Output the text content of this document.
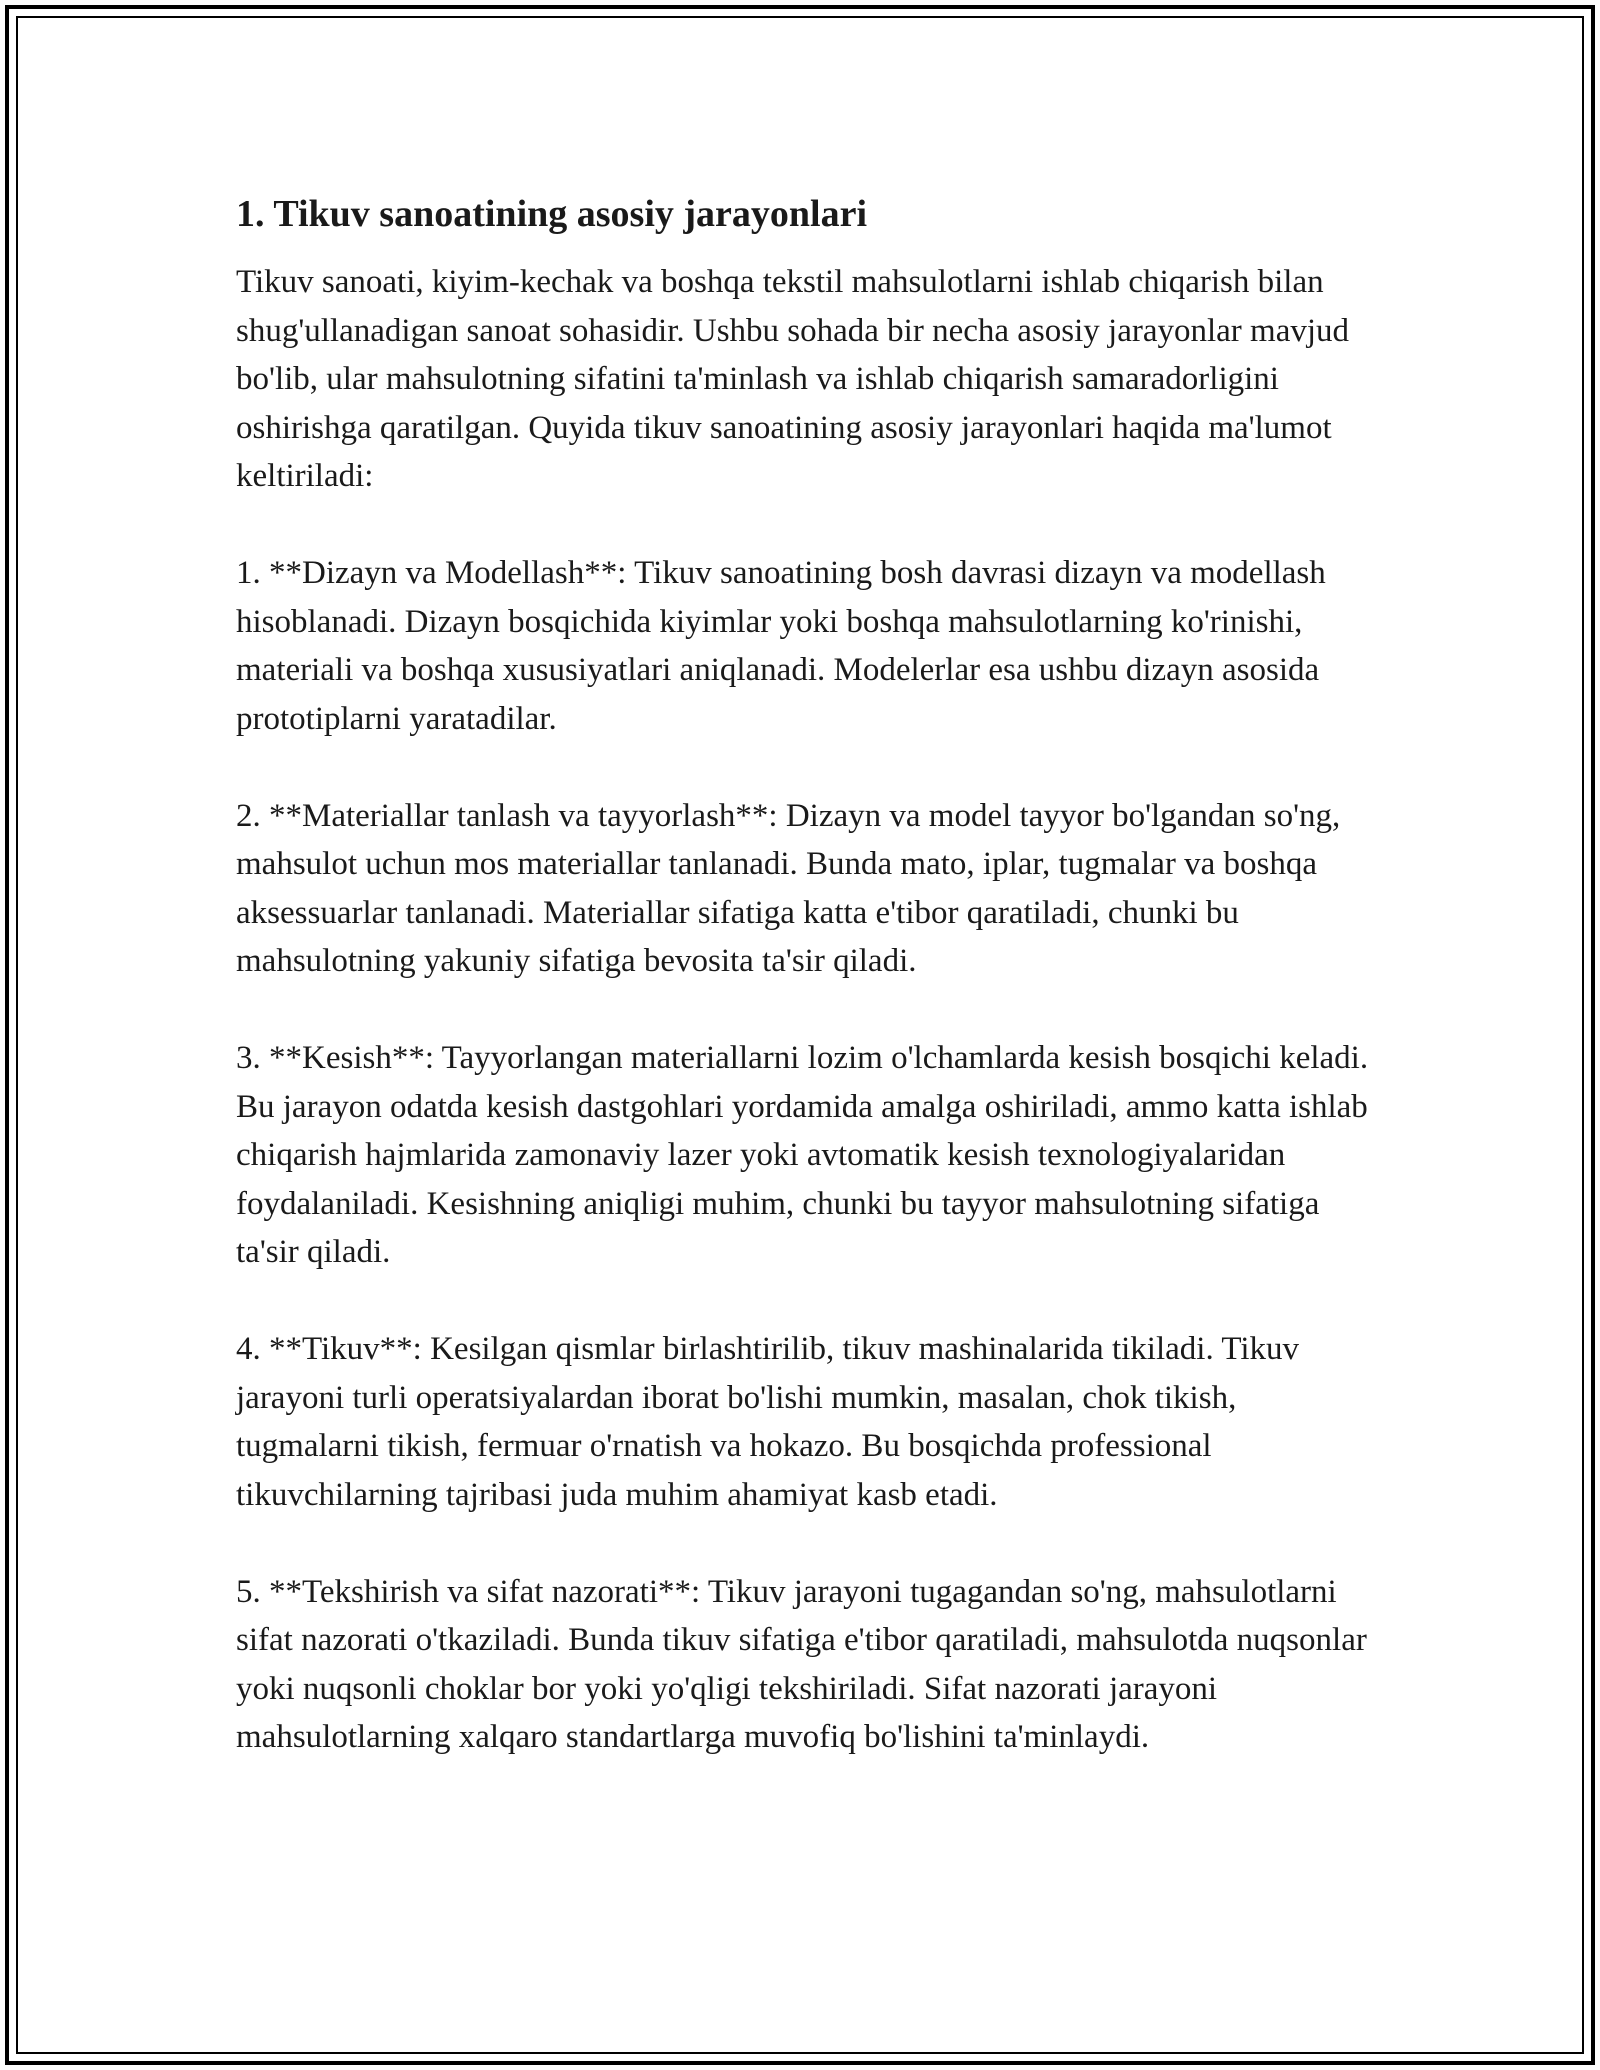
1. Tikuv sanoatining asosiy jarayonlari

Tikuv sanoati, kiyim-kechak va boshqa tekstil mahsulotlarni ishlab chiqarish bilan shug'ullanadigan sanoat sohasidir. Ushbu sohada bir necha asosiy jarayonlar mavjud bo'lib, ular mahsulotning sifatini ta'minlash va ishlab chiqarish samaradorligini oshirishga qaratilgan. Quyida tikuv sanoatining asosiy jarayonlari haqida ma'lumot keltiriladi:

1. **Dizayn va Modellash**: Tikuv sanoatining bosh davrasi dizayn va modellash hisoblanadi. Dizayn bosqichida kiyimlar yoki boshqa mahsulotlarning ko'rinishi, materiali va boshqa xususiyatlari aniqlanadi. Modelerlar esa ushbu dizayn asosida prototiplarni yaratadilar.

2. **Materiallar tanlash va tayyorlash**: Dizayn va model tayyor bo'lgandan so'ng, mahsulot uchun mos materiallar tanlanadi. Bunda mato, iplar, tugmalar va boshqa aksessuarlar tanlanadi. Materiallar sifatiga katta e'tibor qaratiladi, chunki bu mahsulotning yakuniy sifatiga bevosita ta'sir qiladi.

3. **Kesish**: Tayyorlangan materiallarni lozim o'lchamlarda kesish bosqichi keladi. Bu jarayon odatda kesish dastgohlari yordamida amalga oshiriladi, ammo katta ishlab chiqarish hajmlarida zamonaviy lazer yoki avtomatik kesish texnologiyalaridan foydalaniladi. Kesishning aniqligi muhim, chunki bu tayyor mahsulotning sifatiga ta'sir qiladi.

4. **Tikuv**: Kesilgan qismlar birlashtirilib, tikuv mashinalarida tikiladi. Tikuv jarayoni turli operatsiyalardan iborat bo'lishi mumkin, masalan, chok tikish, tugmalarni tikish, fermuar o'rnatish va hokazo. Bu bosqichda professional tikuvchilarning tajribasi juda muhim ahamiyat kasb etadi.

5. **Tekshirish va sifat nazorati**: Tikuv jarayoni tugagandan so'ng, mahsulotlarni sifat nazorati o'tkaziladi. Bunda tikuv sifatiga e'tibor qaratiladi, mahsulotda nuqsonlar yoki nuqsonli choklar bor yoki yo'qligi tekshiriladi. Sifat nazorati jarayoni mahsulotlarning xalqaro standartlarga muvofiq bo'lishini ta'minlaydi.
